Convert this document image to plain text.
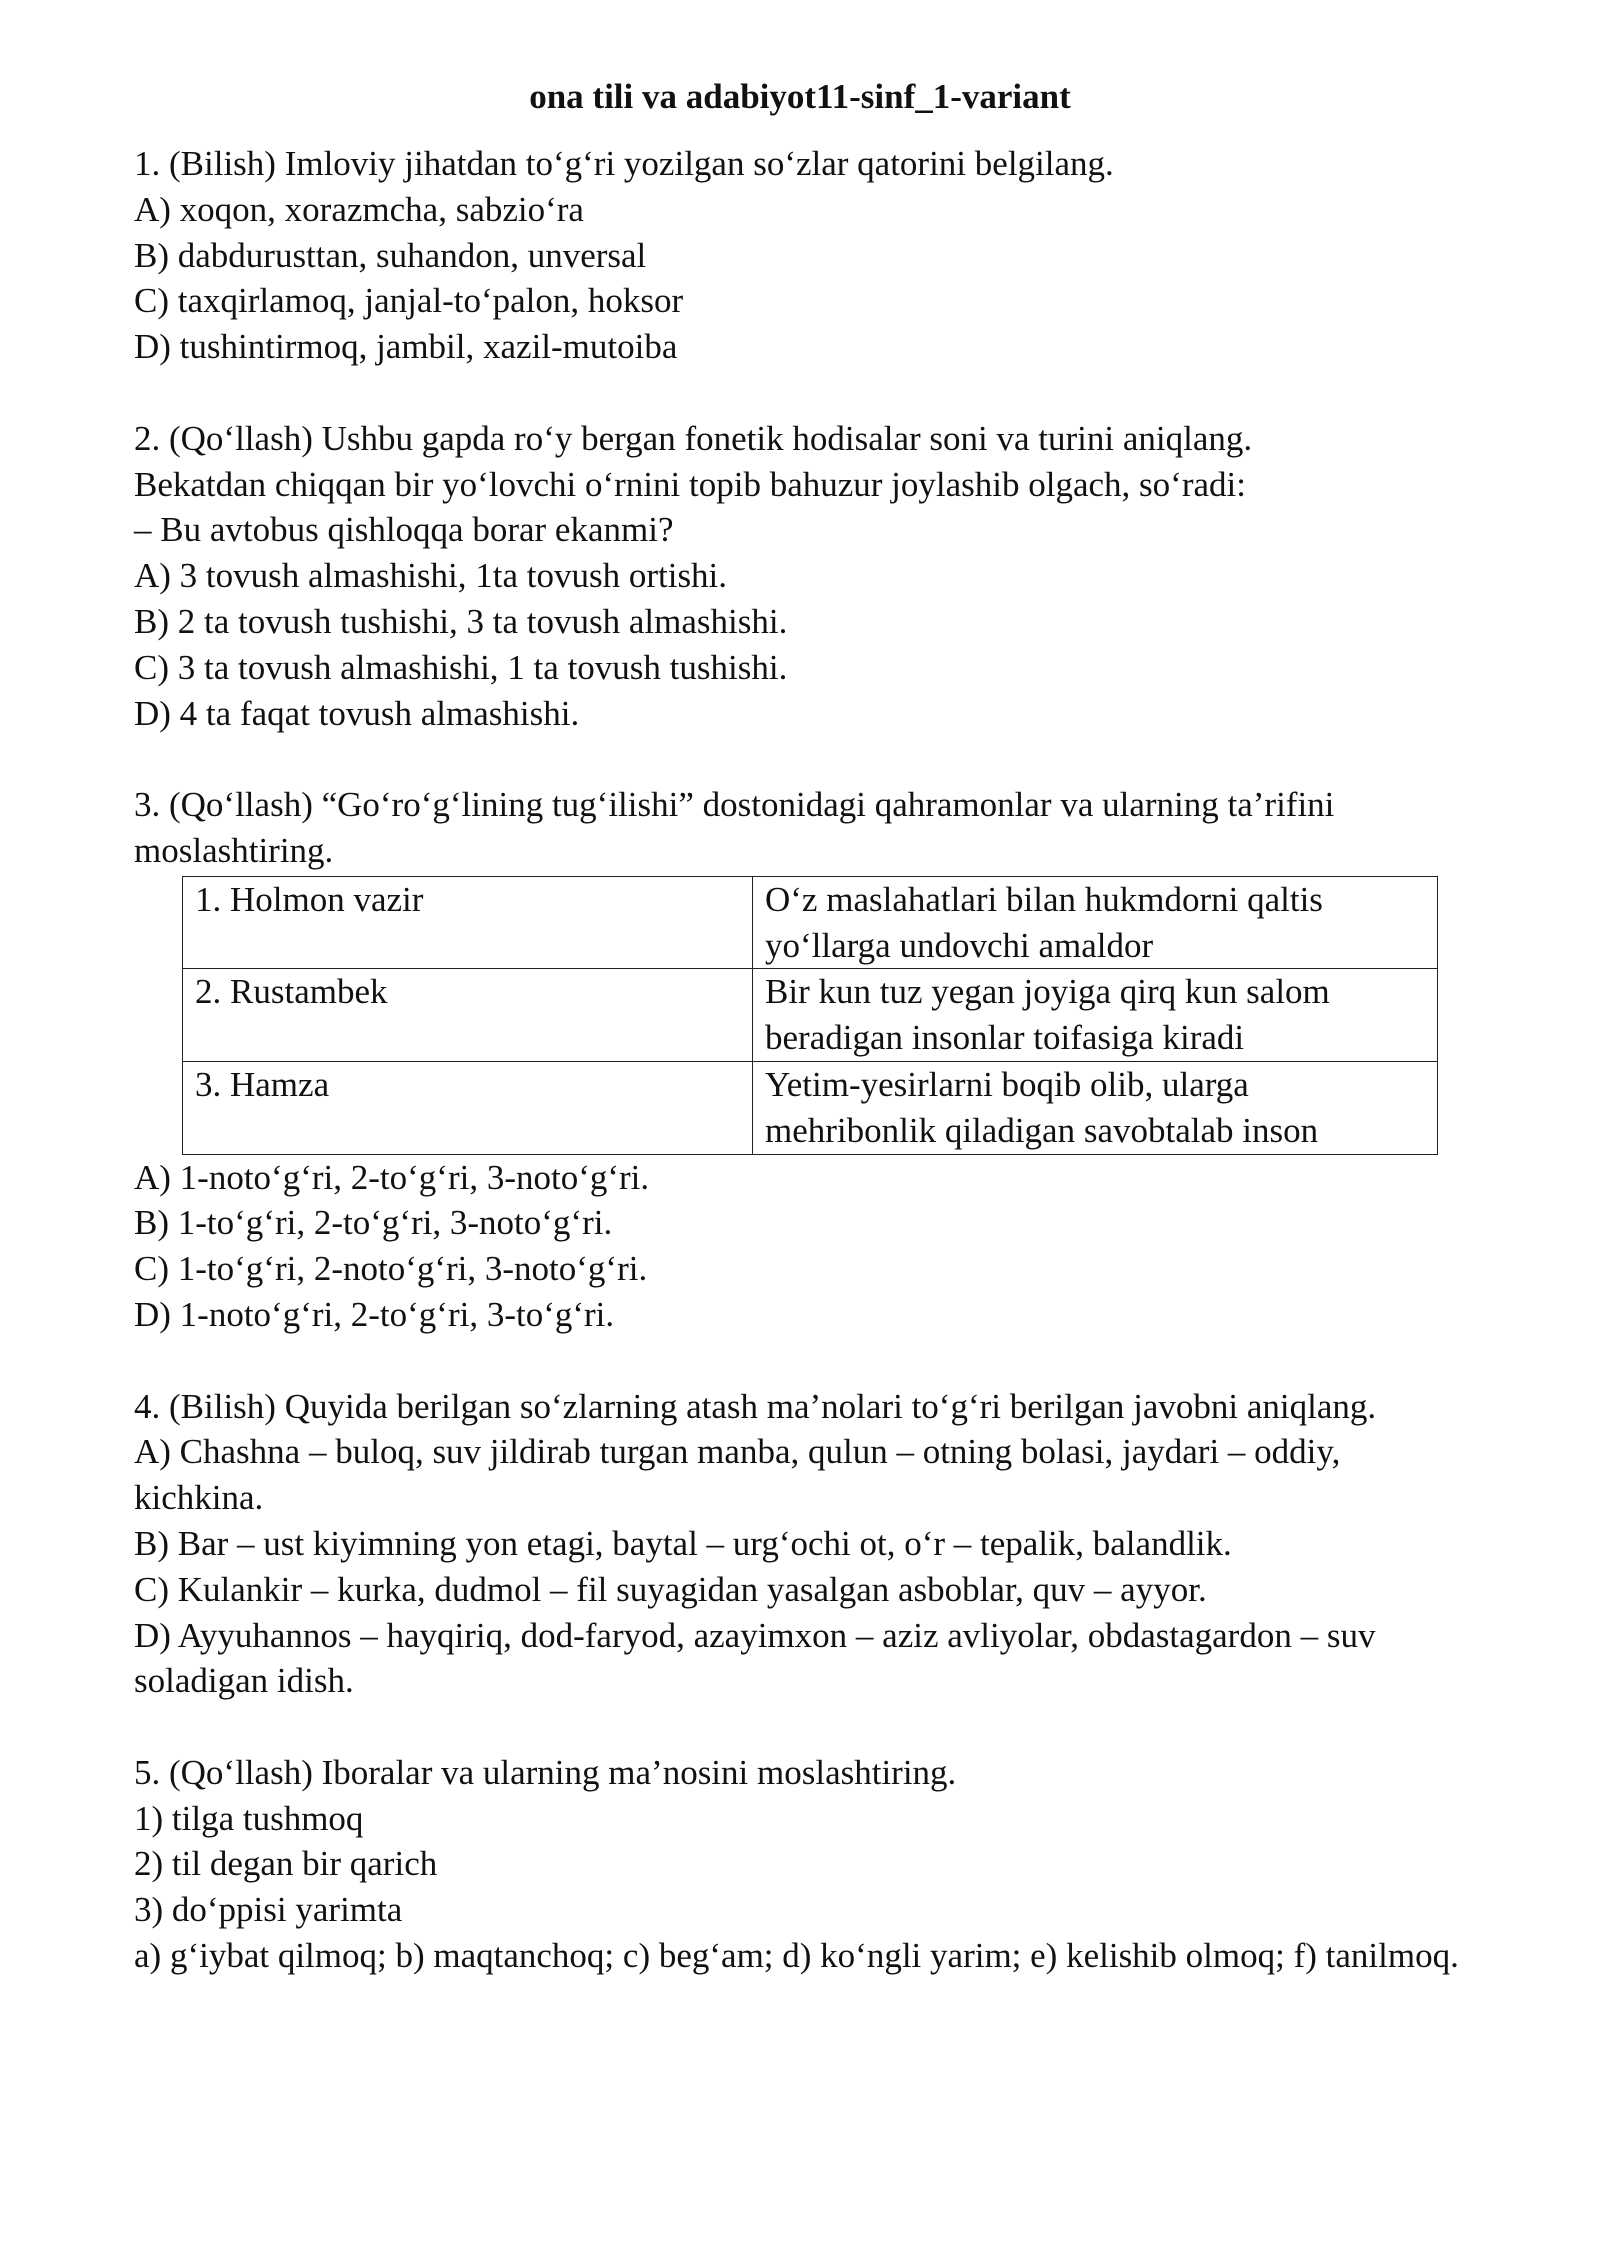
ona tili va adabiyot11-sinf_1-variant
1. (Bilish) Imloviy jihatdan toʻgʻri yozilgan soʻzlar qatorini belgilang.
A) xoqon, xorazmcha, sabzioʻra
B) dabdurusttan, suhandon, unversal
C) taxqirlamoq, janjal-toʻpalon, hoksor
D) tushintirmoq, jambil, xazil-mutoiba
2. (Qoʻllash) Ushbu gapda roʻy bergan fonetik hodisalar soni va turini aniqlang.
Bekatdan chiqqan bir yoʻlovchi oʻrnini topib bahuzur joylashib olgach, soʻradi:
– Bu avtobus qishloqqa borar ekanmi?
A) 3 tovush almashishi, 1ta tovush ortishi.
B) 2 ta tovush tushishi, 3 ta tovush almashishi.
C) 3 ta tovush almashishi, 1 ta tovush tushishi.
D) 4 ta faqat tovush almashishi.
3. (Qoʻllash) “Goʻroʻgʻlining tugʻilishi” dostonidagi qahramonlar va ularning ta’rifini moslashtiring.
1. Holmon vazir	Oʻz maslahatlari bilan hukmdorni qaltis yoʻllarga undovchi amaldor
2. Rustambek	Bir kun tuz yegan joyiga qirq kun salom beradigan insonlar toifasiga kiradi
3. Hamza	Yetim-yesirlarni boqib olib, ularga mehribonlik qiladigan savobtalab inson
A) 1-notoʻgʻri, 2-toʻgʻri, 3-notoʻgʻri.
B) 1-toʻgʻri, 2-toʻgʻri, 3-notoʻgʻri.
C) 1-toʻgʻri, 2-notoʻgʻri, 3-notoʻgʻri.
D) 1-notoʻgʻri, 2-toʻgʻri, 3-toʻgʻri.
4. (Bilish) Quyida berilgan soʻzlarning atash ma’nolari toʻgʻri berilgan javobni aniqlang.
A) Chashna – buloq, suv jildirab turgan manba, qulun – otning bolasi, jaydari – oddiy, kichkina.
B) Bar – ust kiyimning yon etagi, baytal – urgʻochi ot, oʻr – tepalik, balandlik.
C) Kulankir – kurka, dudmol – fil suyagidan yasalgan asboblar, quv – ayyor.
D) Ayyuhannos – hayqiriq, dod-faryod, azayimxon – aziz avliyolar, obdastagardon – suv soladigan idish.
5. (Qoʻllash) Iboralar va ularning ma’nosini moslashtiring.
1) tilga tushmoq
2) til degan bir qarich
3) doʻppisi yarimta
a) gʻiybat qilmoq; b) maqtanchoq; c) begʻam; d) koʻngli yarim; e) kelishib olmoq; f) tanilmoq.
